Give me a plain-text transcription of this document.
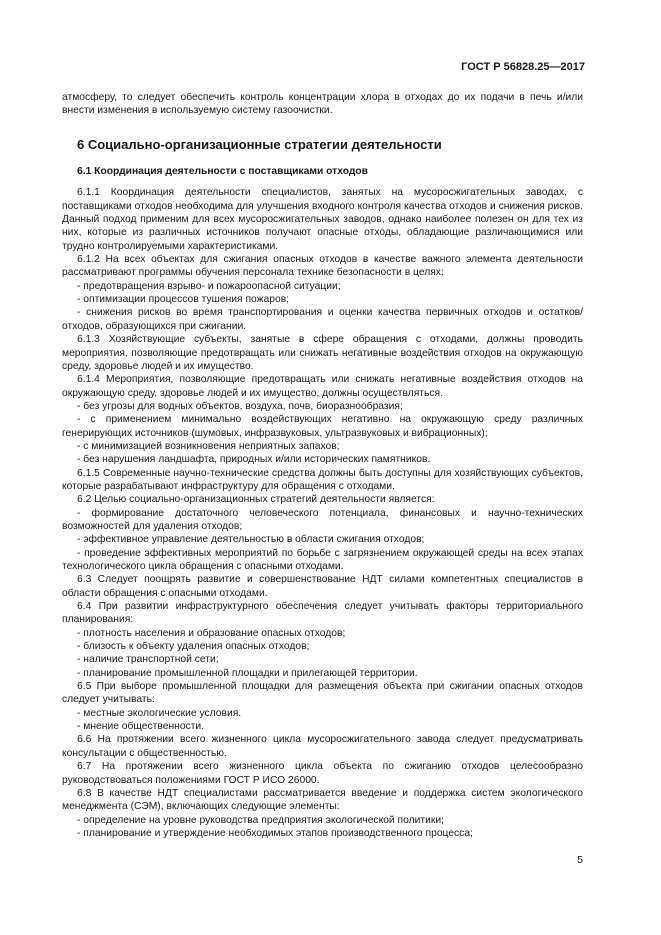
ГОСТ Р 56828.25—2017

атмосферу, то следует обеспечить контроль концентрации хлора в отходах до их подачи в печь и/или внести изменения в используемую систему газоочистки.

6 Социально-организационные стратегии деятельности

6.1 Координация деятельности с поставщиками отходов

6.1.1 Координация деятельности специалистов, занятых на мусоросжигательных заводах, с поставщиками отходов необходима для улучшения входного контроля качества отходов и снижения рисков. Данный подход применим для всех мусоросжигательных заводов, однако наиболее полезен он для тех из них, которые из различных источников получают опасные отходы, обладающие различающимися или трудно контролируемыми характеристиками.

6.1.2 На всех объектах для сжигания опасных отходов в качестве важного элемента деятельности рассматривают программы обучения персонала технике безопасности в целях:

- предотвращения взрыво- и пожароопасной ситуации;

- оптимизации процессов тушения пожаров;

- снижения рисков во время транспортирования и оценки качества первичных отходов и остатков/отходов, образующихся при сжигании.

6.1.3 Хозяйствующие субъекты, занятые в сфере обращения с отходами, должны проводить мероприятия, позволяющие предотвращать или снижать негативные воздействия отходов на окружающую среду, здоровье людей и их имущество.

6.1.4 Мероприятия, позволяющие предотвращать или снижать негативные воздействия отходов на окружающую среду, здоровье людей и их имущество, должны осуществляться.

- без угрозы для водных объектов, воздуха, почв, биоразнообразия;

- с применением минимально воздействующих негативно на окружающую среду различных генерирующих источников (шумовых, инфразвуковых, ультразвуковых и вибрационных);

- с минимизацией возникновения неприятных запахов;

- без нарушения ландшафта, природных и/или исторических памятников.

6.1.5 Современные научно-технические средства должны быть доступны для хозяйствующих субъектов, которые разрабатывают инфраструктуру для обращения с отходами.

6.2 Целью социально-организационных стратегий деятельности является:

- формирование достаточного человеческого потенциала, финансовых и научно-технических возможностей для удаления отходов;

- эффективное управление деятельностью в области сжигания отходов;

- проведение эффективных мероприятий по борьбе с загрязнением окружающей среды на всех этапах технологического цикла обращения с опасными отходами.

6.3 Следует поощрять развитие и совершенствование НДТ силами компетентных специалистов в области обращения с опасными отходами.

6.4 При развитии инфраструктурного обеспечения следует учитывать факторы территориального планирования:

- плотность населения и образование опасных отходов;

- близость к объекту удаления опасных отходов;

- наличие транспортной сети;

- планирование промышленной площадки и прилегающей территории.

6.5 При выборе промышленной площадки для размещения объекта при сжигании опасных отходов следует учитывать:

- местные экологические условия.

- мнение общественности.

6.6 На протяжении всего жизненного цикла мусоросжигательного завода следует предусматривать консультации с общественностью.

6.7 На протяжении всего жизненного цикла объекта по сжиганию отходов целесообразно руководствоваться положениями ГОСТ Р ИСО 26000.

6.8 В качестве НДТ специалистами рассматривается введение и поддержка систем экологического менеджмента (СЭМ), включающих следующие элементы:

- определение на уровне руководства предприятия экологической политики;

- планирование и утверждение необходимых этапов производственного процесса;

5
